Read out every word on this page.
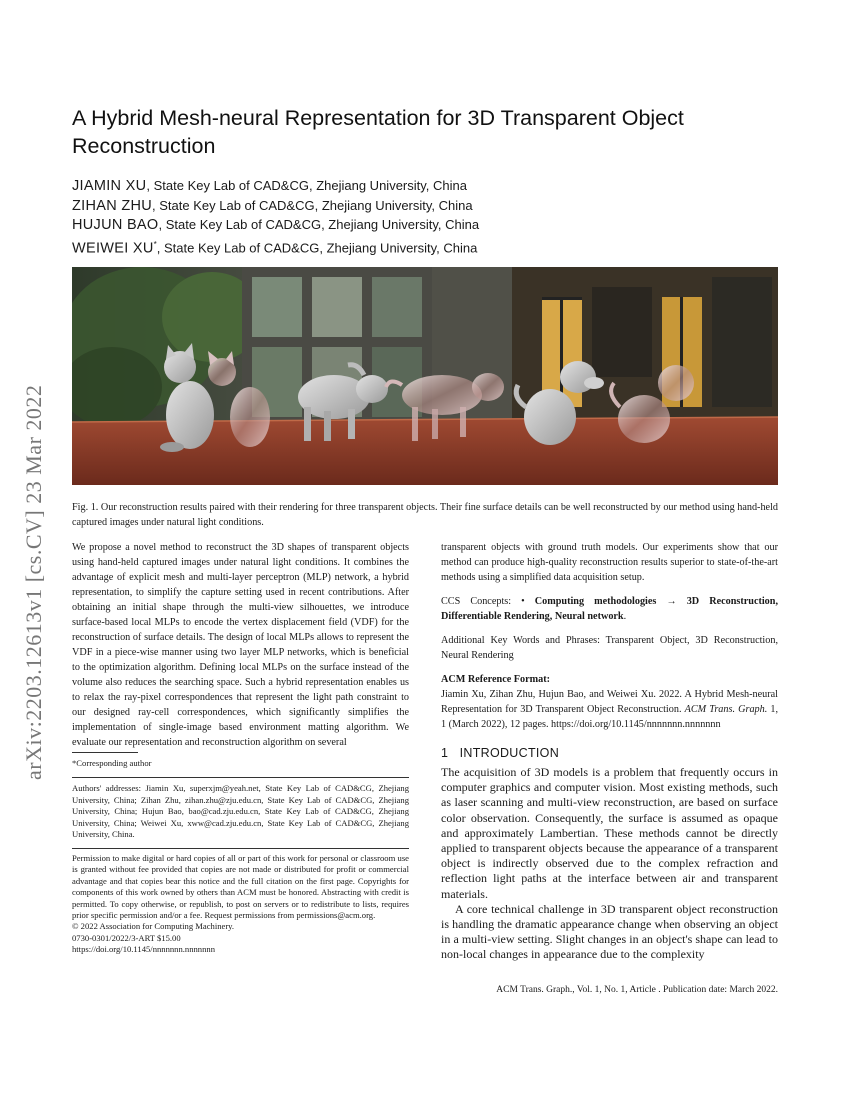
A Hybrid Mesh-neural Representation for 3D Transparent Object Reconstruction
JIAMIN XU, State Key Lab of CAD&CG, Zhejiang University, China
ZIHAN ZHU, State Key Lab of CAD&CG, Zhejiang University, China
HUJUN BAO, State Key Lab of CAD&CG, Zhejiang University, China
WEIWEI XU*, State Key Lab of CAD&CG, Zhejiang University, China
arXiv:2203.12613v1 [cs.CV] 23 Mar 2022	Fig. 1. Our reconstruction results paired with their rendering for three transparent objects. Their fine surface details can be well reconstructed by our method using hand-held captured images under natural light conditions.

We propose a novel method to reconstruct the 3D shapes of transparent objects using hand-held captured images under natural light conditions. It combines the advantage of explicit mesh and multi-layer perceptron (MLP) network, a hybrid representation, to simplify the capture setting used in recent contributions. After obtaining an initial shape through the multi-view silhouettes, we introduce surface-based local MLPs to encode the vertex displacement field (VDF) for the reconstruction of surface details. The design of local MLPs allows to represent the VDF in a piece-wise manner using two layer MLP networks, which is beneficial to the optimization algorithm. Defining local MLPs on the surface instead of the volume also reduces the searching space. Such a hybrid representation enables us to relax the ray-pixel correspondences that represent the light path constraint to our designed ray-cell correspondences, which significantly simplifies the implementation of single-image based environment matting algorithm. We evaluate our representation and reconstruction algorithm on several

*Corresponding author
Authors' addresses: Jiamin Xu, superxjm@yeah.net, State Key Lab of CAD&CG, Zhejiang University, China; Zihan Zhu, zihan.zhu@zju.edu.cn, State Key Lab of CAD&CG, Zhejiang University, China; Hujun Bao, bao@cad.zju.edu.cn, State Key Lab of CAD&CG, Zhejiang University, China; Weiwei Xu, xww@cad.zju.edu.cn, State Key Lab of CAD&CG, Zhejiang University, China.

Permission to make digital or hard copies of all or part of this work for personal or classroom use is granted without fee provided that copies are not made or distributed for profit or commercial advantage and that copies bear this notice and the full citation on the first page. Copyrights for components of this work owned by others than ACM must be honored. Abstracting with credit is permitted. To copy otherwise, or republish, to post on servers or to redistribute to lists, requires prior specific permission and/or a fee. Request permissions from permissions@acm.org.

© 2022 Association for Computing Machinery.

0730-0301/2022/3-ART $15.00

https://doi.org/10.1145/nnnnnnn.nnnnnnn

transparent objects with ground truth models. Our experiments show that our method can produce high-quality reconstruction results superior to state-of-the-art methods using a simplified data acquisition setup.

CCS Concepts: • Computing methodologies → 3D Reconstruction, Differentiable Rendering, Neural network.

Additional Key Words and Phrases: Transparent Object, 3D Reconstruction, Neural Rendering

ACM Reference Format:

Jiamin Xu, Zihan Zhu, Hujun Bao, and Weiwei Xu. 2022. A Hybrid Mesh-neural Representation for 3D Transparent Object Reconstruction. ACM Trans. Graph. 1, 1 (March 2022), 12 pages. https://doi.org/10.1145/nnnnnnn.nnnnnnn

1 INTRODUCTION

The acquisition of 3D models is a problem that frequently occurs in computer graphics and computer vision. Most existing methods, such as laser scanning and multi-view reconstruction, are based on surface color observation. Consequently, the surface is assumed as opaque and approximately Lambertian. These methods cannot be directly applied to transparent objects because the appearance of a transparent object is indirectly observed due to the complex refraction and reflection light paths at the interface between air and transparent materials.

A core technical challenge in 3D transparent object reconstruction is handling the dramatic appearance change when observing an object in a multi-view setting. Slight changes in an object's shape can lead to non-local changes in appearance due to the complexity

ACM Trans. Graph., Vol. 1, No. 1, Article . Publication date: March 2022.
